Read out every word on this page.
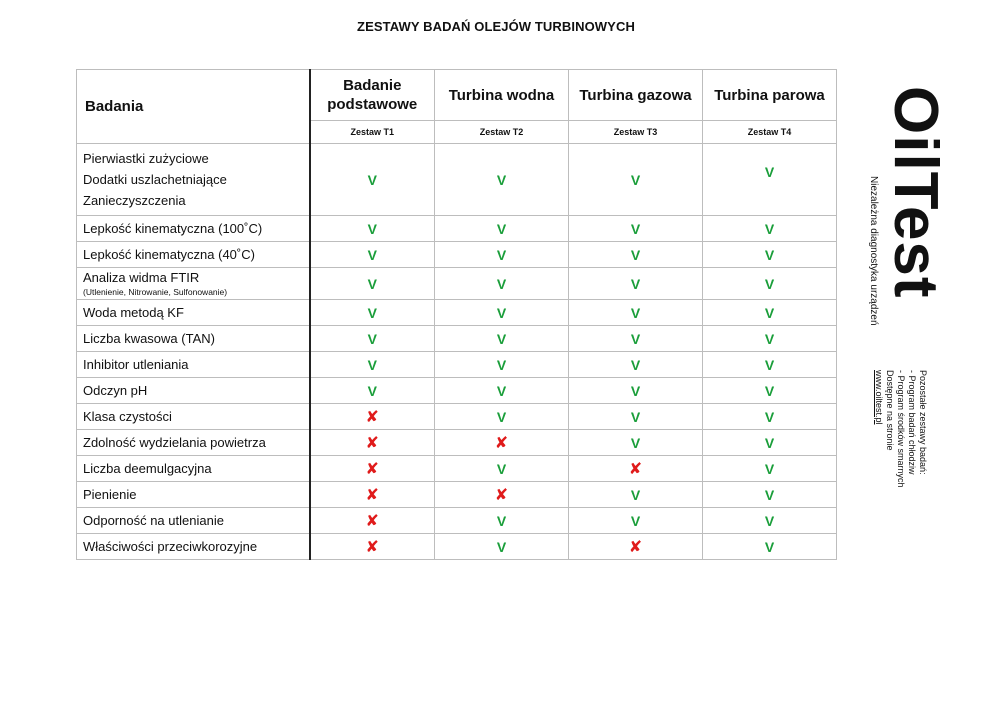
ZESTAWY BADAŃ OLEJÓW TURBINOWYCH
Badania	Badanie podstawowe	Turbina wodna	Turbina gazowa	Turbina parowa
	Zestaw T1	Zestaw T2	Zestaw T3	Zestaw T4

Pierwiastki zużyciowe
Dodatki uszlachetniające
Zanieczyszczenia	V	V	V	V

Lepkość kinematyczna (100˚C)	V	V	V	V

Lepkość kinematyczna (40˚C)	V	V	V	V

Analiza widma FTIR
(Utlenienie, Nitrowanie, Sulfonowanie)	V	V	V	V

Woda metodą KF	V	V	V	V

Liczba kwasowa (TAN)	V	V	V	V

Inhibitor utleniania	V	V	V	V

Odczyn pH	V	V	V	V

Klasa czystości	✘	V	V	V

Zdolność wydzielania powietrza	✘	✘	V	V

Liczba deemulgacyjna	✘	V	✘	V

Pienienie	✘	✘	V	V

Odporność na utlenianie	✘	V	V	V

Właściwości przeciwkorozyjne	✘	V	✘	V
OilTest
Niezależna diagnostyka urządzeń
Pozostałe zestawy badań:
- Program badań chłodziw
- Program środków smarnych
Dostępne na stronie
www.oiltest.pl
